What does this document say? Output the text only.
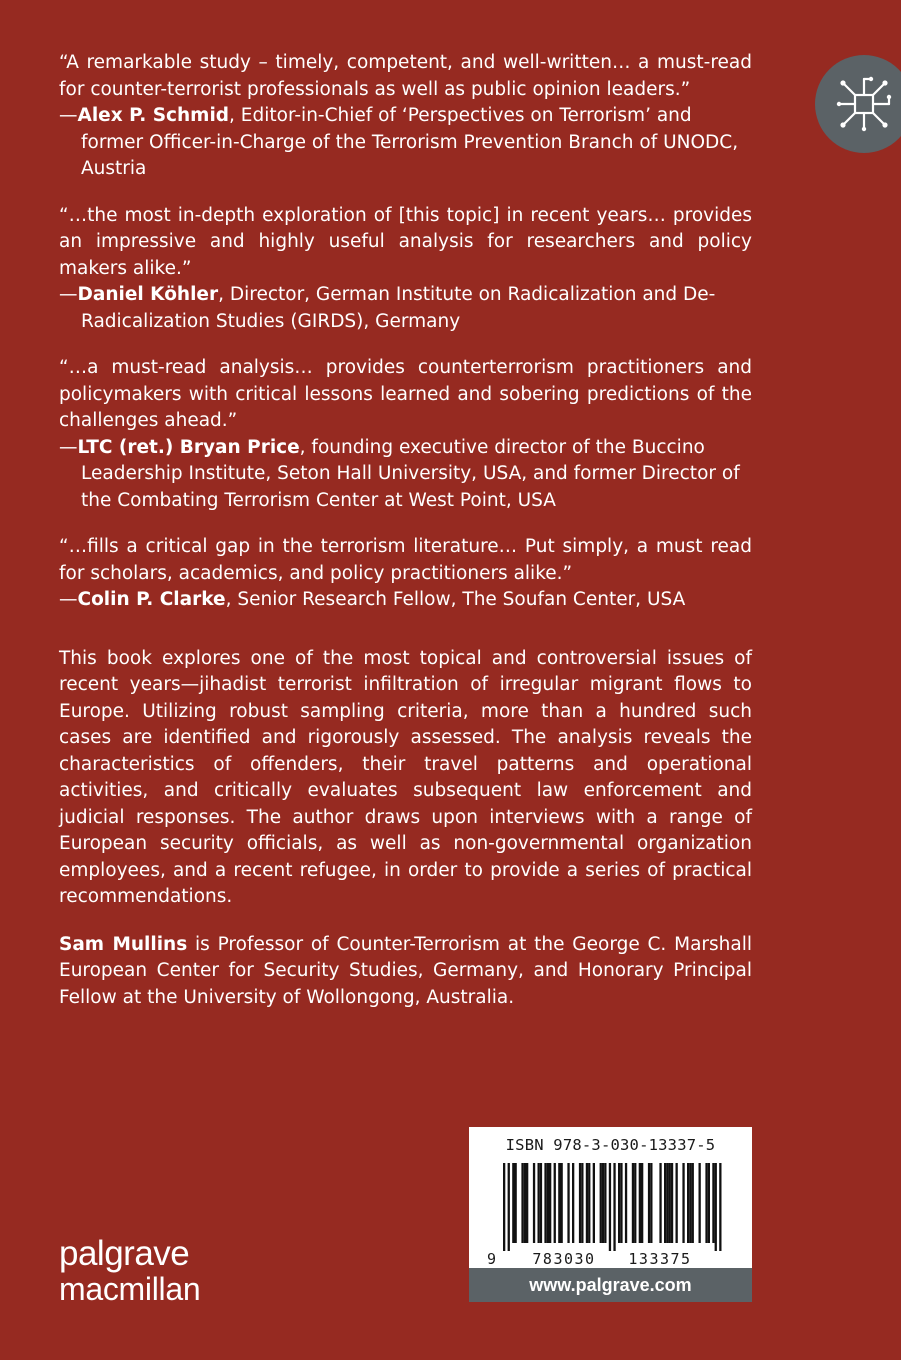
“A remarkable study – timely, competent, and well-written… a must-read for counter-terrorist professionals as well as public opinion leaders.”

—Alex P. Schmid, Editor-in-Chief of ‘Perspectives on Terrorism’ and former Officer-in-Charge of the Terrorism Prevention Branch of UNODC, Austria

“…the most in-depth exploration of [this topic] in recent years… provides an impressive and highly useful analysis for researchers and policy makers alike.”

—Daniel Köhler, Director, German Institute on Radicalization and De-Radicalization Studies (GIRDS), Germany

“…a must-read analysis… provides counterterrorism practitioners and policymakers with critical lessons learned and sobering predictions of the challenges ahead.”

—LTC (ret.) Bryan Price, founding executive director of the Buccino Leadership Institute, Seton Hall University, USA, and former Director of the Combating Terrorism Center at West Point, USA

“…fills a critical gap in the terrorism literature… Put simply, a must read for scholars, academics, and policy practitioners alike.”

—Colin P. Clarke, Senior Research Fellow, The Soufan Center, USA

This book explores one of the most topical and controversial issues of recent years—jihadist terrorist infiltration of irregular migrant flows to Europe. Utilizing robust sampling criteria, more than a hundred such cases are identified and rigorously assessed. The analysis reveals the characteristics of offenders, their travel patterns and operational activities, and critically evaluates subsequent law enforcement and judicial responses. The author draws upon interviews with a range of European security officials, as well as non-governmental organization employees, and a recent refugee, in order to provide a series of practical recommendations.

Sam Mullins is Professor of Counter-Terrorism at the George C. Marshall European Center for Security Studies, Germany, and Honorary Principal Fellow at the University of Wollongong, Australia.

palgrave
macmillan
ISBN 978-3-030-13337-5
9 783030 133375
www.palgrave.com
